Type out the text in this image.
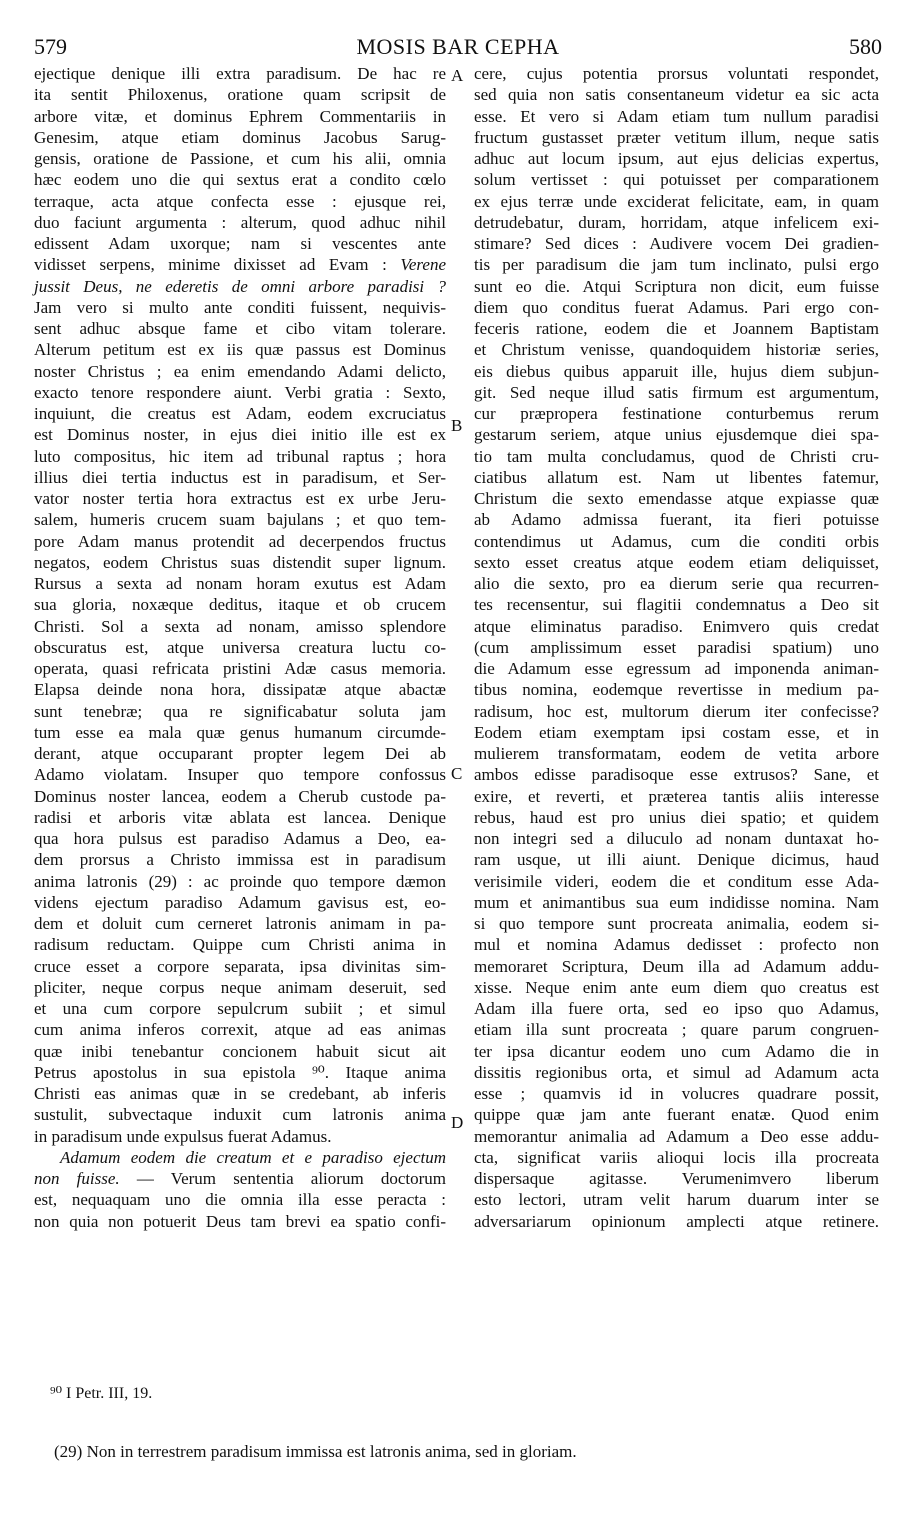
579	MOSIS BAR CEPHA	580
ejectique denique illi extra paradisum. De hac re
ita sentit Philoxenus, oratione quam scripsit de
arbore vitæ, et dominus Ephrem Commentariis in
Genesim, atque etiam dominus Jacobus Sarug-
gensis, oratione de Passione, et cum his alii, omnia
hæc eodem uno die qui sextus erat a condito cœlo
terraque, acta atque confecta esse : ejusque rei,
duo faciunt argumenta : alterum, quod adhuc nihil
edissent Adam uxorque; nam si vescentes ante
vidisset serpens, minime dixisset ad Evam : Verene
jussit Deus, ne ederetis de omni arbore paradisi ?
Jam vero si multo ante conditi fuissent, nequivis-
sent adhuc absque fame et cibo vitam tolerare.
Alterum petitum est ex iis quæ passus est Dominus
noster Christus ; ea enim emendando Adami delicto,
exacto tenore respondere aiunt. Verbi gratia : Sexto,
inquiunt, die creatus est Adam, eodem excruciatus
est Dominus noster, in ejus diei initio ille est ex
luto compositus, hic item ad tribunal raptus ; hora
illius diei tertia inductus est in paradisum, et Ser-
vator noster tertia hora extractus est ex urbe Jeru-
salem, humeris crucem suam bajulans ; et quo tem-
pore Adam manus protendit ad decerpendos fructus
negatos, eodem Christus suas distendit super lignum.
Rursus a sexta ad nonam horam exutus est Adam
sua gloria, noxæque deditus, itaque et ob crucem
Christi. Sol a sexta ad nonam, amisso splendore
obscuratus est, atque universa creatura luctu co-
operata, quasi refricata pristini Adæ casus memoria.
Elapsa deinde nona hora, dissipatæ atque abactæ
sunt tenebræ; qua re significabatur soluta jam
tum esse ea mala quæ genus humanum circumde-
derant, atque occuparant propter legem Dei ab
Adamo violatam. Insuper quo tempore confossus
Dominus noster lancea, eodem a Cherub custode pa-
radisi et arboris vitæ ablata est lancea. Denique
qua hora pulsus est paradiso Adamus a Deo, ea-
dem prorsus a Christo immissa est in paradisum
anima latronis (29) : ac proinde quo tempore dæmon
videns ejectum paradiso Adamum gavisus est, eo-
dem et doluit cum cerneret latronis animam in pa-
radisum reductam. Quippe cum Christi anima in
cruce esset a corpore separata, ipsa divinitas sim-
pliciter, neque corpus neque animam deseruit, sed
et una cum corpore sepulcrum subiit ; et simul
cum anima inferos correxit, atque ad eas animas
quæ inibi tenebantur concionem habuit sicut ait
Petrus apostolus in sua epistola ⁹⁰. Itaque anima
Christi eas animas quæ in se credebant, ab inferis
sustulit, subvectaque induxit cum latronis anima
in paradisum unde expulsus fuerat Adamus.
Adamum eodem die creatum et e paradiso ejectum
non fuisse. — Verum sententia aliorum doctorum
est, nequaquam uno die omnia illa esse peracta :
non quia non potuerit Deus tam brevi ea spatio confi-
A
B
C
D
cere, cujus potentia prorsus voluntati respondet,
sed quia non satis consentaneum videtur ea sic acta
esse. Et vero si Adam etiam tum nullum paradisi
fructum gustasset præter vetitum illum, neque satis
adhuc aut locum ipsum, aut ejus delicias expertus,
solum vertisset : qui potuisset per comparationem
ex ejus terræ unde exciderat felicitate, eam, in quam
detrudebatur, duram, horridam, atque infelicem exi-
stimare? Sed dices : Audivere vocem Dei gradien-
tis per paradisum die jam tum inclinato, pulsi ergo
sunt eo die. Atqui Scriptura non dicit, eum fuisse
diem quo conditus fuerat Adamus. Pari ergo con-
feceris ratione, eodem die et Joannem Baptistam
et Christum venisse, quandoquidem historiæ series,
eis diebus quibus apparuit ille, hujus diem subjun-
git. Sed neque illud satis firmum est argumentum,
cur præpropera festinatione conturbemus rerum
gestarum seriem, atque unius ejusdemque diei spa-
tio tam multa concludamus, quod de Christi cru-
ciatibus allatum est. Nam ut libentes fatemur,
Christum die sexto emendasse atque expiasse quæ
ab Adamo admissa fuerant, ita fieri potuisse
contendimus ut Adamus, cum die conditi orbis
sexto esset creatus atque eodem etiam deliquisset,
alio die sexto, pro ea dierum serie qua recurren-
tes recensentur, sui flagitii condemnatus a Deo sit
atque eliminatus paradiso. Enimvero quis credat
(cum amplissimum esset paradisi spatium) uno
die Adamum esse egressum ad imponenda animan-
tibus nomina, eodemque revertisse in medium pa-
radisum, hoc est, multorum dierum iter confecisse?
Eodem etiam exemptam ipsi costam esse, et in
mulierem transformatam, eodem de vetita arbore
ambos edisse paradisoque esse extrusos? Sane, et
exire, et reverti, et præterea tantis aliis interesse
rebus, haud est pro unius diei spatio; et quidem
non integri sed a diluculo ad nonam duntaxat ho-
ram usque, ut illi aiunt. Denique dicimus, haud
verisimile videri, eodem die et conditum esse Ada-
mum et animantibus sua eum indidisse nomina. Nam
si quo tempore sunt procreata animalia, eodem si-
mul et nomina Adamus dedisset : profecto non
memoraret Scriptura, Deum illa ad Adamum addu-
xisse. Neque enim ante eum diem quo creatus est
Adam illa fuere orta, sed eo ipso quo Adamus,
etiam illa sunt procreata ; quare parum congruen-
ter ipsa dicantur eodem uno cum Adamo die in
dissitis regionibus orta, et simul ad Adamum acta
esse ; quamvis id in volucres quadrare possit,
quippe quæ jam ante fuerant enatæ. Quod enim
memorantur animalia ad Adamum a Deo esse addu-
cta, significat variis alioqui locis illa procreata
dispersaque agitasse. Verumenimvero liberum
esto lectori, utram velit harum duarum inter se
adversariarum opinionum amplecti atque retinere.
⁹⁰ I Petr. III, 19.
(29) Non in terrestrem paradisum immissa est latronis anima, sed in gloriam.
